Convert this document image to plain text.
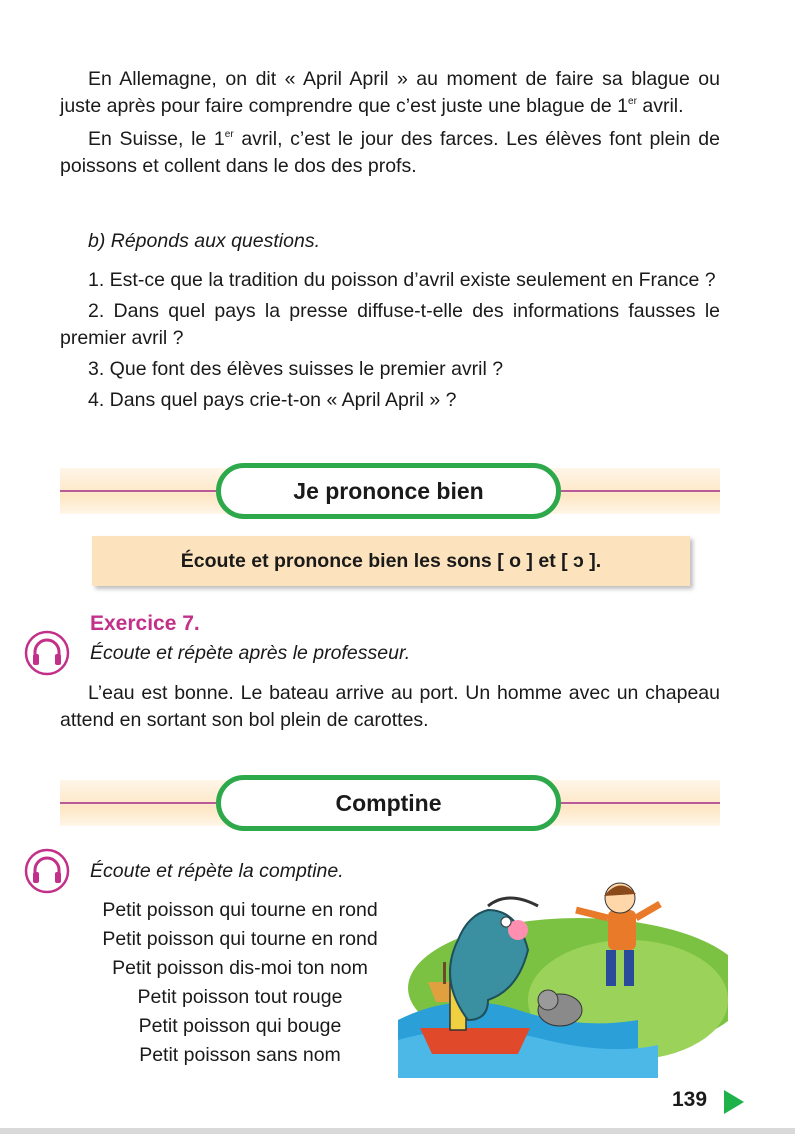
En Allemagne, on dit « April April » au moment de faire sa blague ou juste après pour faire comprendre que c’est juste une blague de 1er avril.

En Suisse, le 1er avril, c’est le jour des farces. Les élèves font plein de poissons et collent dans le dos des profs.

b) Réponds aux questions.

1. Est-ce que la tradition du poisson d’avril existe seulement en France ?

2. Dans quel pays la presse diffuse-t-elle des informations fausses le premier avril ?

3. Que font des élèves suisses le premier avril ?

4. Dans quel pays crie-t-on « April April » ?

Je prononce bien
Écoute et prononce bien les sons [ o ] et [ ɔ ].
Exercice 7.
Écoute et répète après le professeur.
L’eau est bonne. Le bateau arrive au port. Un homme avec un chapeau attend en sortant son bol plein de carottes.
Comptine
Écoute et répète la comptine.
Petit poisson qui tourne en rond
Petit poisson qui tourne en rond
Petit poisson dis-moi ton nom
Petit poisson tout rouge
Petit poisson qui bouge
Petit poisson sans nom
139
